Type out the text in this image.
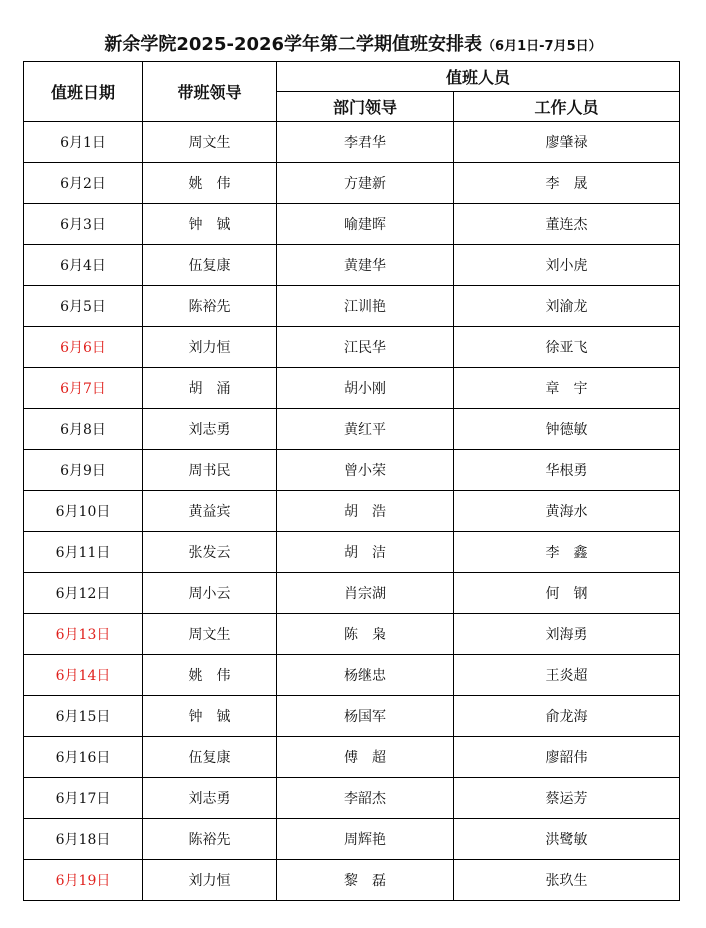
新余学院2025-2026学年第二学期值班安排表（6月1日-7月5日）
值班日期	带班领导	值班人员	
		部门领导	工作人员
6月1日	周文生	李君华	廖肇禄
6月2日	姚　伟	方建新	李　晟
6月3日	钟　铖	喻建晖	董连杰
6月4日	伍复康	黄建华	刘小虎
6月5日	陈裕先	江训艳	刘渝龙
6月6日	刘力恒	江民华	徐亚飞
6月7日	胡　涌	胡小刚	章　宇
6月8日	刘志勇	黄红平	钟德敏
6月9日	周书民	曾小荣	华根勇
6月10日	黄益宾	胡　浩	黄海水
6月11日	张发云	胡　洁	李　鑫
6月12日	周小云	肖宗湖	何　钢
6月13日	周文生	陈　枭	刘海勇
6月14日	姚　伟	杨继忠	王炎超
6月15日	钟　铖	杨国军	俞龙海
6月16日	伍复康	傅　超	廖韶伟
6月17日	刘志勇	李韶杰	蔡运芳
6月18日	陈裕先	周辉艳	洪鹭敏
6月19日	刘力恒	黎　磊	张玖生
